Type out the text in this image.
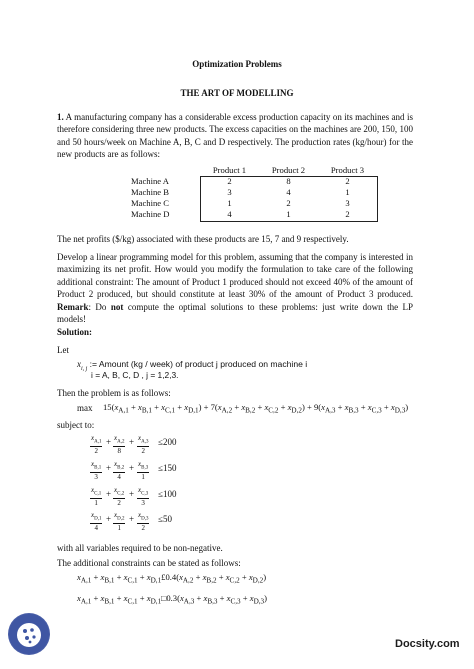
Optimization Problems
THE ART OF MODELLING
1. A manufacturing company has a considerable excess production capacity on its machines and is therefore considering three new products. The excess capacities on the machines are 200, 150, 100 and 50 hours/week on Machine A, B, C and D respectively. The production rates (kg/hour) for the new products are as follows:
	Product 1	Product 2	Product 3
Machine A	2	8	2
Machine B	3	4	1
Machine C	1	2	3
Machine D	4	1	2
The net profits ($/kg) associated with these products are 15, 7 and 9 respectively.
Develop a linear programming model for this problem, assuming that the company is interested in maximizing its net profit. How would you modify the formulation to take care of the following additional constraint: The amount of Product 1 produced should not exceed 40% of the amount of Product 2 produced, but should constitute at least 30% of the amount of Product 3 produced. Remark: Do not compute the optimal solutions to these problems: just write down the LP models!
Solution:
Let
$x_{i, j}$ := Amount (kg / week) of product j produced on machine i
i = A, B, C, D , j = 1,2,3.
Then the problem is as follows:
$\max 15(x_{A,1} + x_{B,1} + x_{C,1} + x_{D,1}) + 7(x_{A,2} + x_{B,2} + x_{C,2} + x_{D,2}) + 9(x_{A,3} + x_{B,3} + x_{C,3} + x_{D,3})$
subject to:
$\frac{x_{A,1}}{2} + \frac{x_{A,2}}{8} + \frac{x_{A,3}}{2} \le 200$
$\frac{x_{B,1}}{3} + \frac{x_{B,2}}{4} + \frac{x_{B,3}}{1} \le 150$
$\frac{x_{C,1}}{1} + \frac{x_{C,2}}{2} + \frac{x_{C,3}}{3} \le 100$
$\frac{x_{D,1}}{4} + \frac{x_{D,2}}{1} + \frac{x_{D,3}}{2} \le 50$
with all variables required to be non-negative.
The additional constraints can be stated as follows:
$x_{A,1} + x_{B,1} + x_{C,1}$ + $x_{D,1}£0.4(x_{A,2} + x_{B,2} + x_{C,2} + x_{D,2})$
$x_{A,1} + x_{B,1} + x_{C,1}$ + $x_{D,1}□0.3(x_{A,3} + x_{B,3} + x_{C,3} + x_{D,3})$
Docsity.com
